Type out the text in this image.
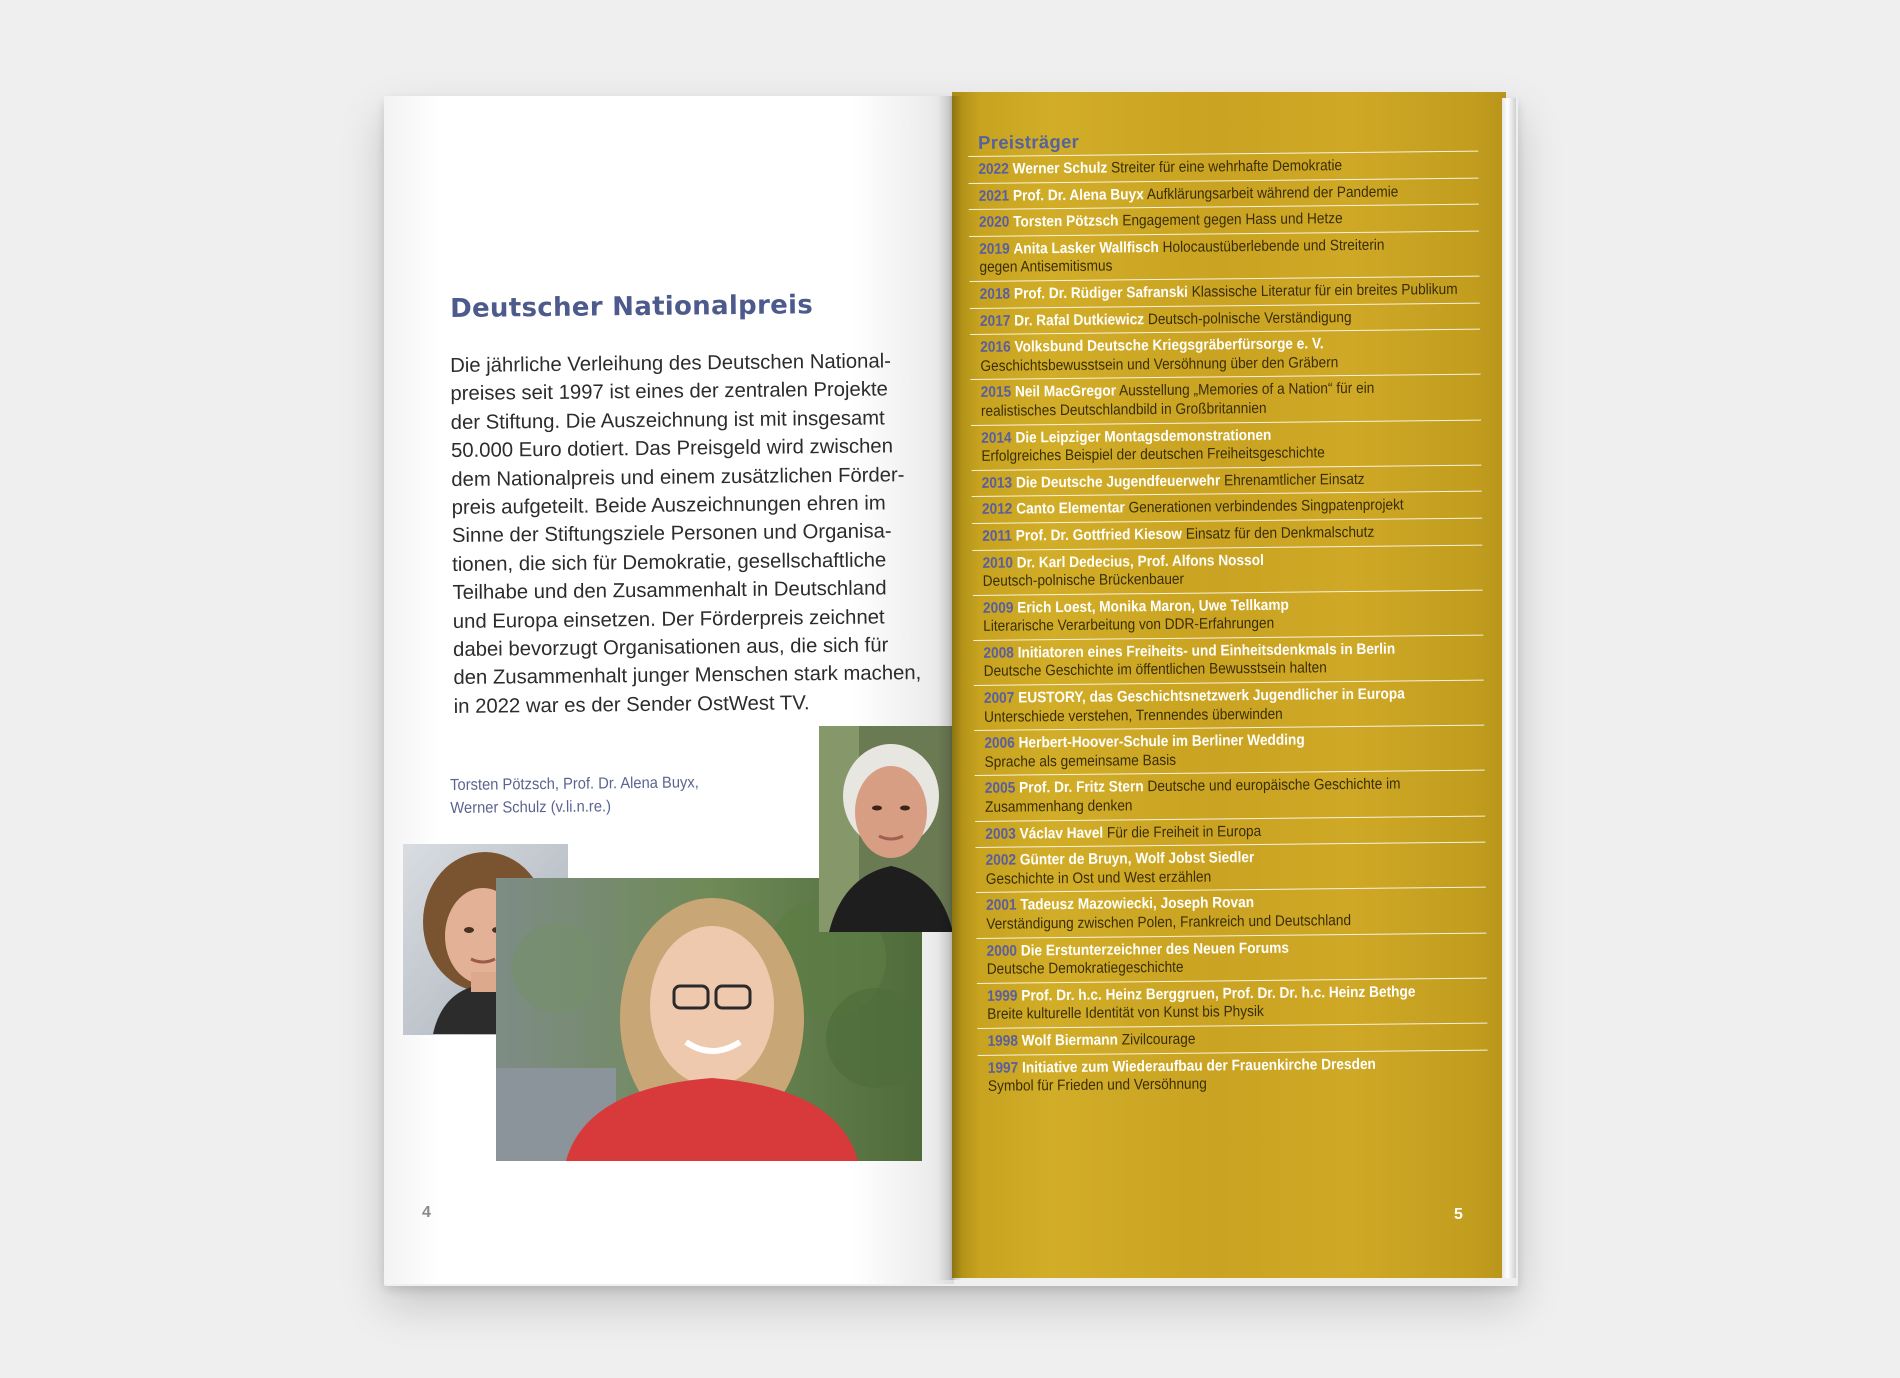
Deutscher Nationalpreis

Die jährliche Verleihung des Deutschen National-

preises seit 1997 ist eines der zentralen Projekte

der Stiftung. Die Auszeichnung ist mit insgesamt

50.000 Euro dotiert. Das Preisgeld wird zwischen

dem Nationalpreis und einem zusätzlichen Förder-

preis aufgeteilt. Beide Auszeichnungen ehren im

Sinne der Stiftungsziele Personen und Organisa-

tionen, die sich für Demokratie, gesellschaftliche

Teilhabe und den Zusammenhalt in Deutschland

und Europa einsetzen. Der Förderpreis zeichnet

dabei bevorzugt Organisationen aus, die sich für

den Zusammenhalt junger Menschen stark machen,

in 2022 war es der Sender OstWest TV.

Torsten Pötzsch, Prof. Dr. Alena Buyx,
Werner Schulz (v.li.n.re.)
4
Preisträger
2022 Werner Schulz Streiter für eine wehrhafte Demokratie
2021 Prof. Dr. Alena Buyx Aufklärungsarbeit während der Pandemie
2020 Torsten Pötzsch Engagement gegen Hass und Hetze
2019 Anita Lasker Wallfisch Holocaustüberlebende und Streiterin
gegen Antisemitismus
2018 Prof. Dr. Rüdiger Safranski Klassische Literatur für ein breites Publikum
2017 Dr. Rafal Dutkiewicz Deutsch-polnische Verständigung
2016 Volksbund Deutsche Kriegsgräberfürsorge e. V.
Geschichtsbewusstsein und Versöhnung über den Gräbern
2015 Neil MacGregor Ausstellung „Memories of a Nation“ für ein
realistisches Deutschlandbild in Großbritannien
2014 Die Leipziger Montagsdemonstrationen
Erfolgreiches Beispiel der deutschen Freiheitsgeschichte
2013 Die Deutsche Jugendfeuerwehr Ehrenamtlicher Einsatz
2012 Canto Elementar Generationen verbindendes Singpatenprojekt
2011 Prof. Dr. Gottfried Kiesow Einsatz für den Denkmalschutz
2010 Dr. Karl Dedecius, Prof. Alfons Nossol
Deutsch-polnische Brückenbauer
2009 Erich Loest, Monika Maron, Uwe Tellkamp
Literarische Verarbeitung von DDR-Erfahrungen
2008 Initiatoren eines Freiheits- und Einheitsdenkmals in Berlin
Deutsche Geschichte im öffentlichen Bewusstsein halten
2007 EUSTORY, das Geschichtsnetzwerk Jugendlicher in Europa
Unterschiede verstehen, Trennendes überwinden
2006 Herbert-Hoover-Schule im Berliner Wedding
Sprache als gemeinsame Basis
2005 Prof. Dr. Fritz Stern Deutsche und europäische Geschichte im
Zusammenhang denken
2003 Václav Havel Für die Freiheit in Europa
2002 Günter de Bruyn, Wolf Jobst Siedler
Geschichte in Ost und West erzählen
2001 Tadeusz Mazowiecki, Joseph Rovan
Verständigung zwischen Polen, Frankreich und Deutschland
2000 Die Erstunterzeichner des Neuen Forums
Deutsche Demokratiegeschichte
1999 Prof. Dr. h.c. Heinz Berggruen, Prof. Dr. Dr. h.c. Heinz Bethge
Breite kulturelle Identität von Kunst bis Physik
1998 Wolf Biermann Zivilcourage
1997 Initiative zum Wiederaufbau der Frauenkirche Dresden
Symbol für Frieden und Versöhnung
5
